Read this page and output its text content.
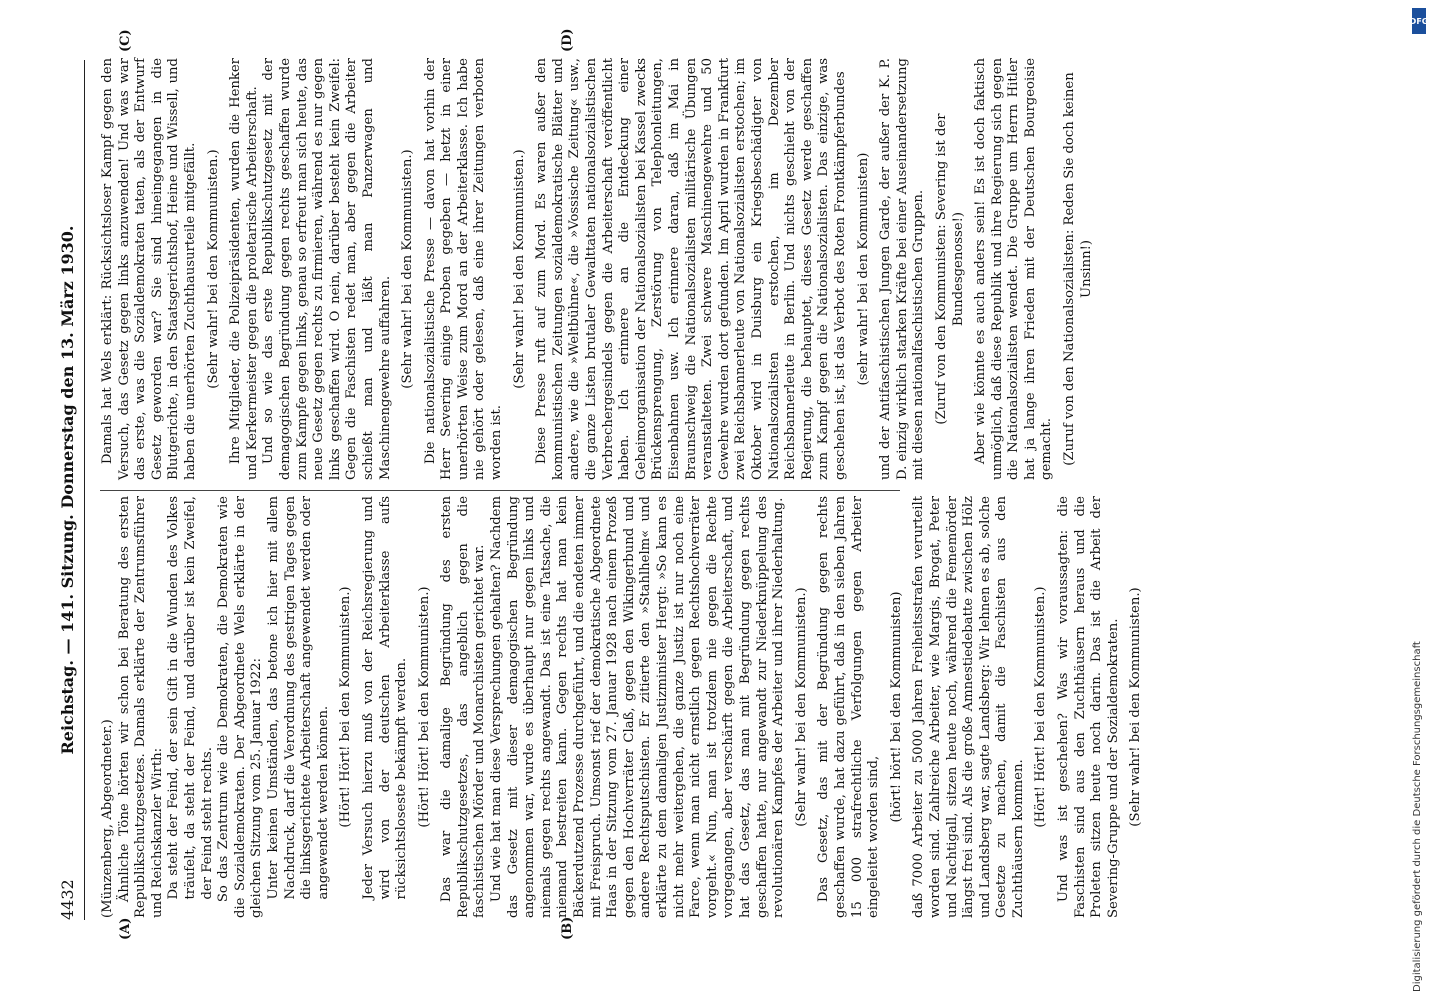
4432
Reichstag. — 141. Sitzung. Donnerstag den 13. März 1930.
(A)	(B)
(C)	(D)

(Münzenberg, Abgeordneter.) Ähnliche Töne hörten wir schon bei Beratung des ersten Republikschutzgesetzes. Damals erklärte der Zentrumsführer und Reichskanzler Wirth: Da steht der Feind, der sein Gift in die Wunden des Volkes träufelt, da steht der Feind, und darüber ist kein Zweifel, der Feind steht rechts. So das Zentrum wie die Demokraten, die Demokraten wie die Sozialdemokraten. Der Abgeordnete Wels erklärte in der gleichen Sitzung vom 25. Januar 1922: Unter keinen Umständen, das betone ich hier mit allem Nachdruck, darf die Verordnung des gestrigen Tages gegen die linksgerichtete Arbeiterschaft angewendet werden oder angewendet werden können. (Hört! Hört! bei den Kommunisten.) Jeder Versuch hierzu muß von der Reichsregierung und wird von der deutschen Arbeiterklasse aufs rücksichtsloseste bekämpft werden. (Hört! Hört! bei den Kommunisten.) Das war die damalige Begründung des ersten Republikschutzgesetzes, das angeblich gegen die faschistischen Mörder und Monarchisten gerichtet war. Und wie hat man diese Versprechungen gehalten? Nachdem das Gesetz mit dieser demagogischen Begründung angenommen war, wurde es überhaupt nur gegen links und niemals gegen rechts angewandt. Das ist eine Tatsache, die niemand bestreiten kann. Gegen rechts hat man kein Bäckerdutzend Prozesse durchgeführt, und die endeten immer mit Freispruch. Umsonst rief der demokratische Abgeordnete Haas in der Sitzung vom 27. Januar 1928 nach einem Prozeß gegen den Hochverräter Claß, gegen den Wikingerbund und andere Rechtsputschisten. Er zitierte den »Stahlhelm« und erklärte zu dem damaligen Justizminister Hergt: »So kann es nicht mehr weitergehen, die ganze Justiz ist nur noch eine Farce, wenn man nicht ernstlich gegen Rechtshochverräter vorgeht.« Nun, man ist trotzdem nie gegen die Rechte vorgegangen, aber verschärft gegen die Arbeiterschaft, und hat das Gesetz, das man mit Begründung gegen rechts geschaffen hatte, nur angewandt zur Niederknüppelung des revolutionären Kampfes der Arbeiter und ihrer Niederhaltung. (Sehr wahr! bei den Kommunisten.) Das Gesetz, das mit der Begründung gegen rechts geschaffen wurde, hat dazu geführt, daß in den sieben Jahren 15 000 strafrechtliche Verfolgungen gegen Arbeiter eingeleitet worden sind,

(hört! hört! bei den Kommunisten) daß 7000 Arbeiter zu 5000 Jahren Freiheitsstrafen verurteilt worden sind. Zahlreiche Arbeiter, wie Margis, Brogat, Peter und Nachtigall, sitzen heute noch, während die Fememörder längst frei sind. Als die große Amnestiedebatte zwischen Hölz und Landsberg war, sagte Landsberg: Wir lehnen es ab, solche Gesetze zu machen, damit die Faschisten aus den Zuchthäusern kommen.

(Hört! Hört! bei den Kommunisten.) Und was ist geschehen? Was wir voraussagten: die Faschisten sind aus den Zuchthäusern heraus und die Proleten sitzen heute noch darin. Das ist die Arbeit der Severing-Gruppe und der Sozialdemokraten. (Sehr wahr! bei den Kommunisten.)

Damals hat Wels erklärt: Rücksichtsloser Kampf gegen den Versuch, das Gesetz gegen links anzuwenden! Und was war das erste, was die Sozialdemokraten taten, als der Entwurf Gesetz geworden war? Sie sind hineingegangen in die Blutgerichte, in den Staatsgerichtshof, Heine und Wissell, und haben die unerhörten Zuchthausurteile mitgefällt. (Sehr wahr! bei den Kommunisten.) Ihre Mitglieder, die Polizeipräsidenten, wurden die Henker und Kerkermeister gegen die proletarische Arbeiterschaft. Und so wie das erste Republikschutzgesetz mit der demagogischen Begründung gegen rechts geschaffen wurde zum Kampfe gegen links, genau so erfreut man sich heute, das neue Gesetz gegen rechts zu firmieren, während es nur gegen links geschaffen wird. O nein, darüber besteht kein Zweifel: Gegen die Faschisten redet man, aber gegen die Arbeiter schießt man und läßt man Panzerwagen und Maschinengewehre auffahren. (Sehr wahr! bei den Kommunisten.) Die nationalsozialistische Presse — davon hat vorhin der Herr Severing einige Proben gegeben — hetzt in einer unerhörten Weise zum Mord an der Arbeiterklasse. Ich habe nie gehört oder gelesen, daß eine ihrer Zeitungen verboten worden ist.

(Sehr wahr! bei den Kommunisten.) Diese Presse ruft auf zum Mord. Es waren außer den kommunistischen Zeitungen sozialdemokratische Blätter und andere, wie die »Weltbühne«, die »Vossische Zeitung« usw., die ganze Listen brutaler Gewalttaten nationalsozialistischen Verbrechergesindels gegen die Arbeiterschaft veröffentlicht haben. Ich erinnere an die Entdeckung einer Geheimorganisation der Nationalsozialisten bei Kassel zwecks Brückensprengung, Zerstörung von Telephonleitungen, Eisenbahnen usw. Ich erinnere daran, daß im Mai in Braunschweig die Nationalsozialisten militärische Übungen veranstalteten. Zwei schwere Maschinengewehre und 50 Gewehre wurden dort gefunden. Im April wurden in Frankfurt zwei Reichsbannerleute von Nationalsozialisten erstochen; im Oktober wird in Duisburg ein Kriegsbeschädigter von Nationalsozialisten erstochen, im Dezember Reichsbannerleute in Berlin. Und nichts geschieht von der Regierung, die behauptet, dieses Gesetz werde geschaffen zum Kampf gegen die Nationalsozialisten. Das einzige, was geschehen ist, ist das Verbot des Roten Frontkämpferbundes (sehr wahr! bei den Kommunisten) und der Antifaschistischen Jungen Garde, der außer der K. P. D. einzig wirklich starken Kräfte bei einer Auseinandersetzung mit diesen nationalfaschistischen Gruppen. (Zuruf von den Kommunisten: Severing ist der Bundesgenosse!) Aber wie könnte es auch anders sein! Es ist doch faktisch unmöglich, daß diese Republik und ihre Regierung sich gegen die Nationalsozialisten wendet. Die Gruppe um Herrn Hitler hat ja lange ihren Frieden mit der Deutschen Bourgeoisie gemacht. (Zuruf von den Nationalsozialisten: Reden Sie doch keinen Unsinn!)

Digitalisierung gefördert durch die Deutsche Forschungsgemeinschaft
DFG
